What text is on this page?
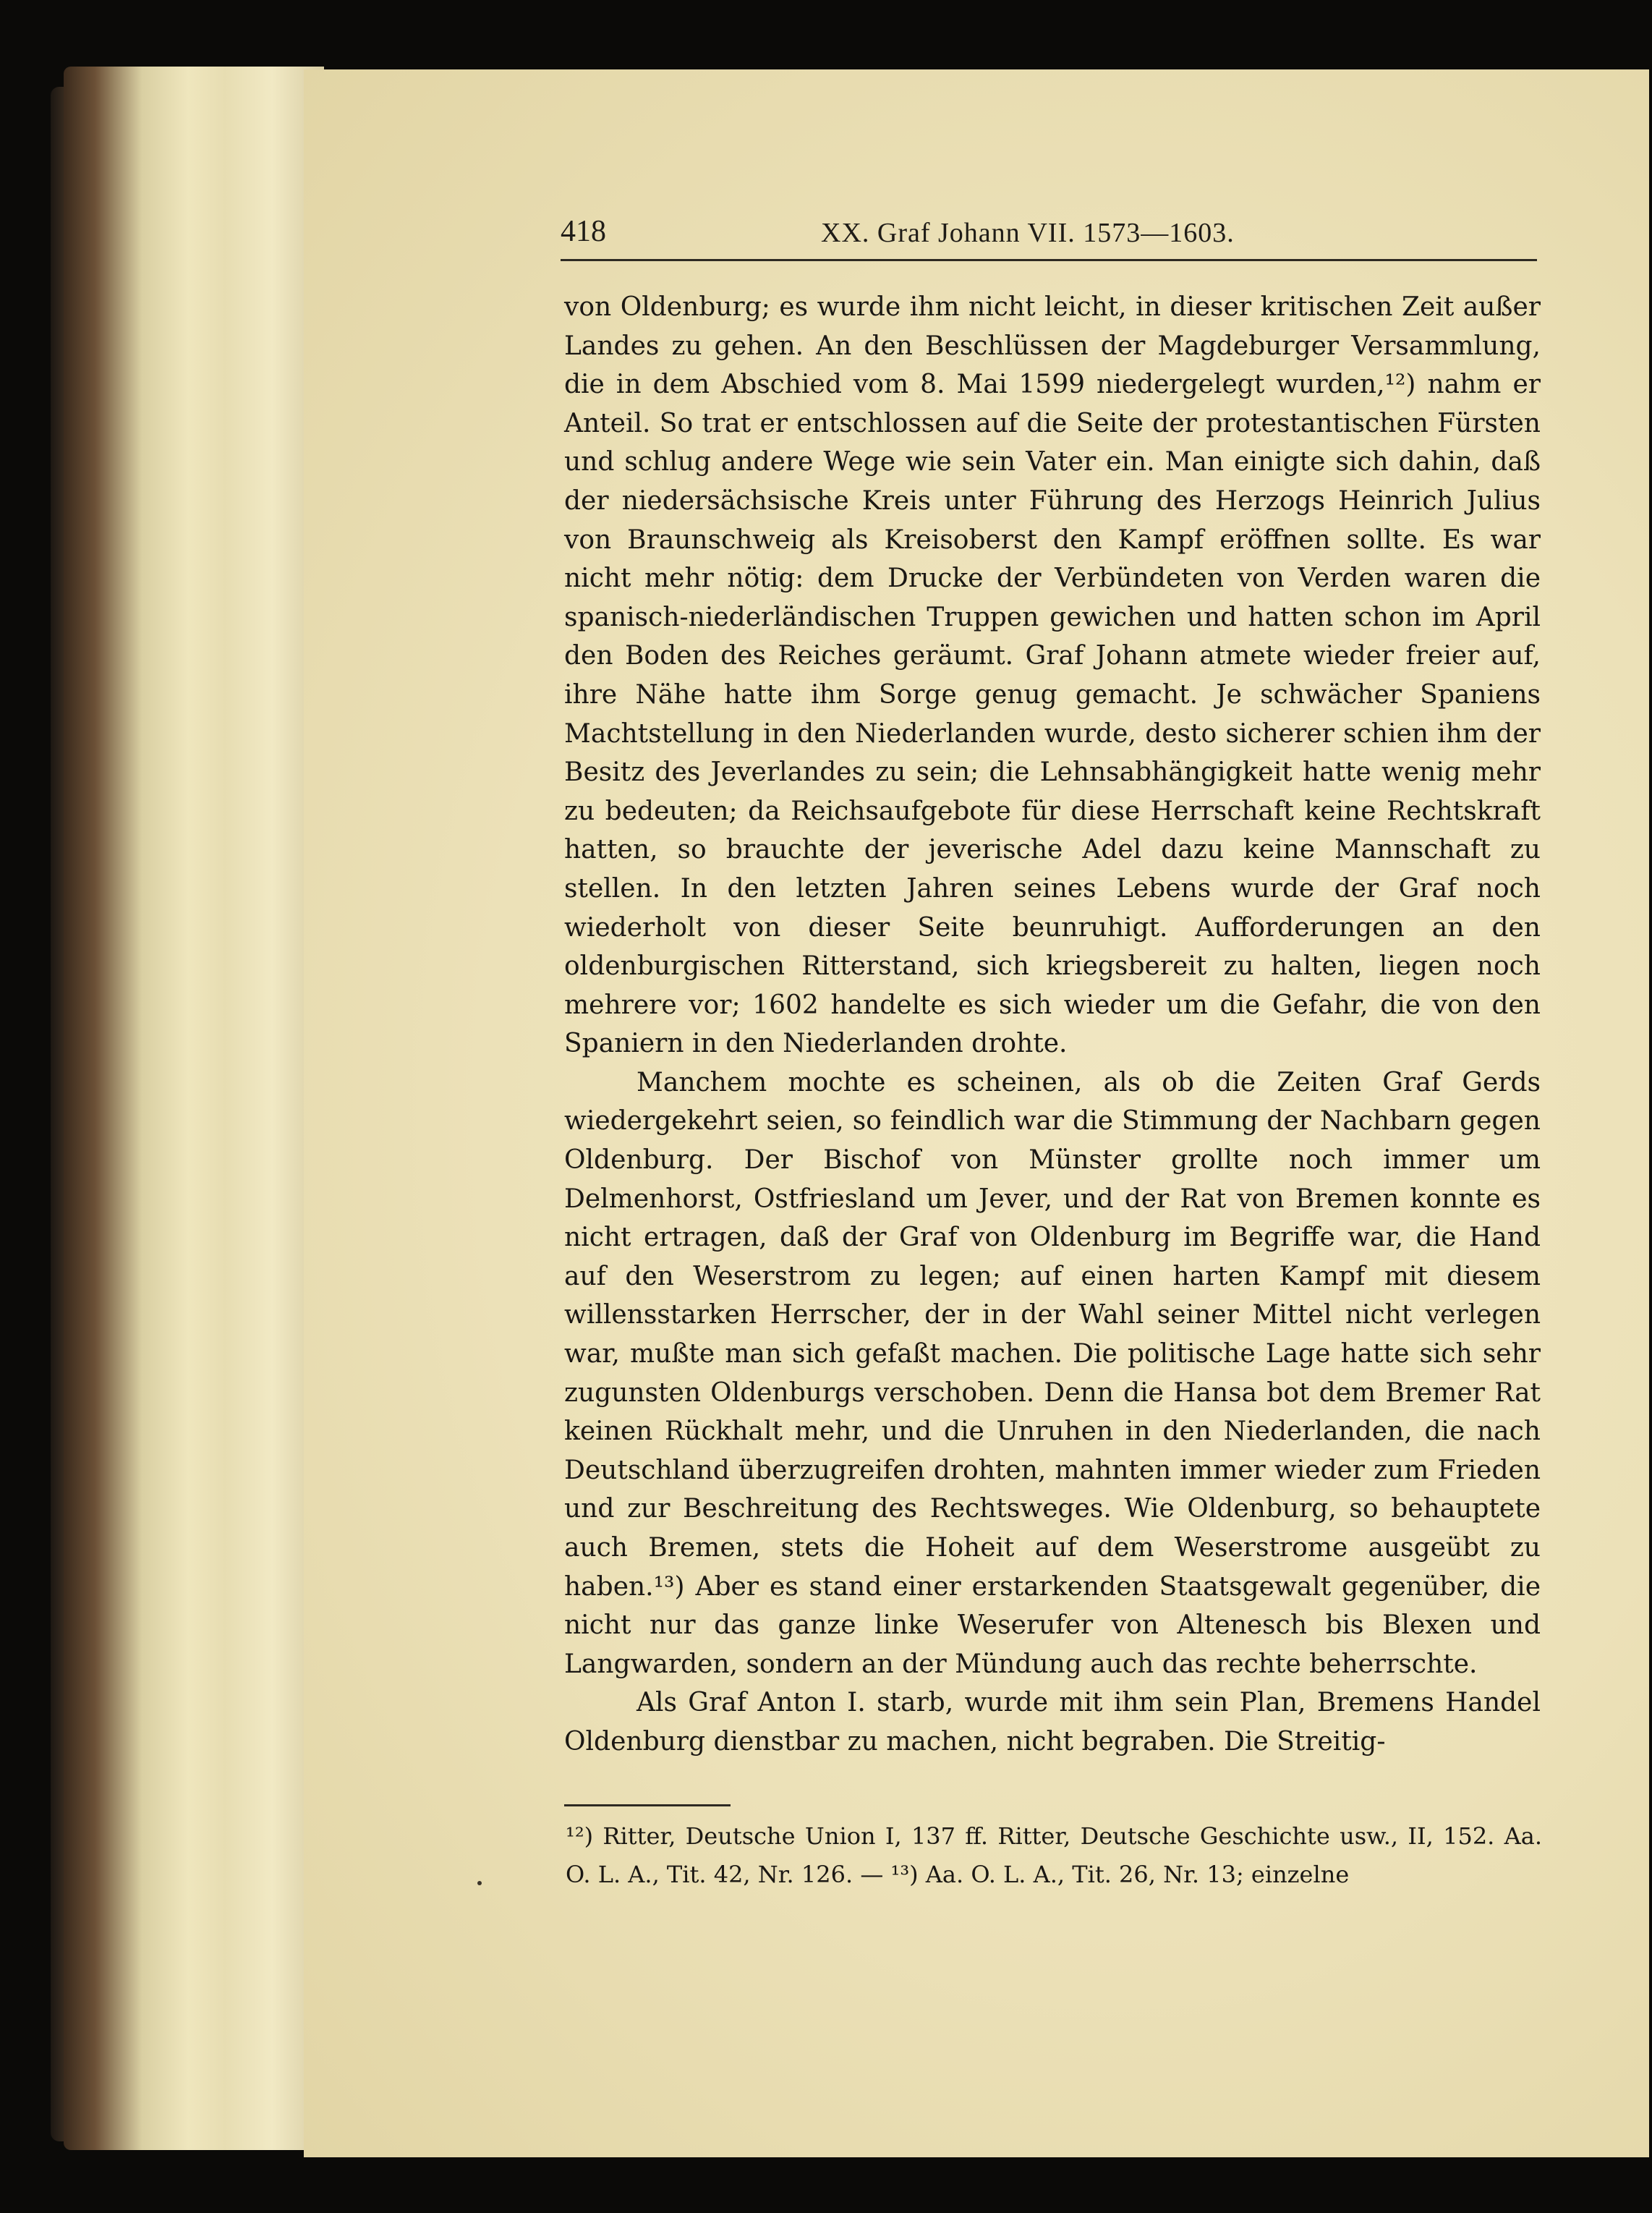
418	XX. Graf Johann VII. 1573—1603.

von Oldenburg; es wurde ihm nicht leicht, in dieser kritischen Zeit außer Landes zu gehen. An den Beschlüssen der Magdeburger Versammlung, die in dem Abschied vom 8. Mai 1599 niedergelegt wurden,¹²) nahm er Anteil. So trat er entschlossen auf die Seite der protestantischen Fürsten und schlug andere Wege wie sein Vater ein. Man einigte sich dahin, daß der niedersächsische Kreis unter Führung des Herzogs Heinrich Julius von Braunschweig als Kreisoberst den Kampf eröffnen sollte. Es war nicht mehr nötig: dem Drucke der Verbündeten von Verden waren die spanisch-niederländischen Truppen gewichen und hatten schon im April den Boden des Reiches geräumt. Graf Johann atmete wieder freier auf, ihre Nähe hatte ihm Sorge genug gemacht. Je schwächer Spaniens Machtstellung in den Niederlanden wurde, desto sicherer schien ihm der Besitz des Jeverlandes zu sein; die Lehnsabhängigkeit hatte wenig mehr zu bedeuten; da Reichsaufgebote für diese Herrschaft keine Rechtskraft hatten, so brauchte der jeverische Adel dazu keine Mannschaft zu stellen. In den letzten Jahren seines Lebens wurde der Graf noch wiederholt von dieser Seite beunruhigt. Aufforderungen an den oldenburgischen Ritterstand, sich kriegsbereit zu halten, liegen noch mehrere vor; 1602 handelte es sich wieder um die Gefahr, die von den Spaniern in den Niederlanden drohte.

Manchem mochte es scheinen, als ob die Zeiten Graf Gerds wiedergekehrt seien, so feindlich war die Stimmung der Nachbarn gegen Oldenburg. Der Bischof von Münster grollte noch immer um Delmenhorst, Ostfriesland um Jever, und der Rat von Bremen konnte es nicht ertragen, daß der Graf von Oldenburg im Begriffe war, die Hand auf den Weserstrom zu legen; auf einen harten Kampf mit diesem willensstarken Herrscher, der in der Wahl seiner Mittel nicht verlegen war, mußte man sich gefaßt machen. Die politische Lage hatte sich sehr zugunsten Oldenburgs verschoben. Denn die Hansa bot dem Bremer Rat keinen Rückhalt mehr, und die Unruhen in den Niederlanden, die nach Deutschland überzugreifen drohten, mahnten immer wieder zum Frieden und zur Beschreitung des Rechtsweges. Wie Oldenburg, so behauptete auch Bremen, stets die Hoheit auf dem Weserstrome ausgeübt zu haben.¹³) Aber es stand einer erstarkenden Staatsgewalt gegenüber, die nicht nur das ganze linke Weserufer von Altenesch bis Blexen und Langwarden, sondern an der Mündung auch das rechte beherrschte.

Als Graf Anton I. starb, wurde mit ihm sein Plan, Bremens Handel Oldenburg dienstbar zu machen, nicht begraben. Die Streitig-

¹²) Ritter, Deutsche Union I, 137 ff. Ritter, Deutsche Geschichte usw., II, 152. Aa. O. L. A., Tit. 42, Nr. 126. — ¹³) Aa. O. L. A., Tit. 26, Nr. 13; einzelne
